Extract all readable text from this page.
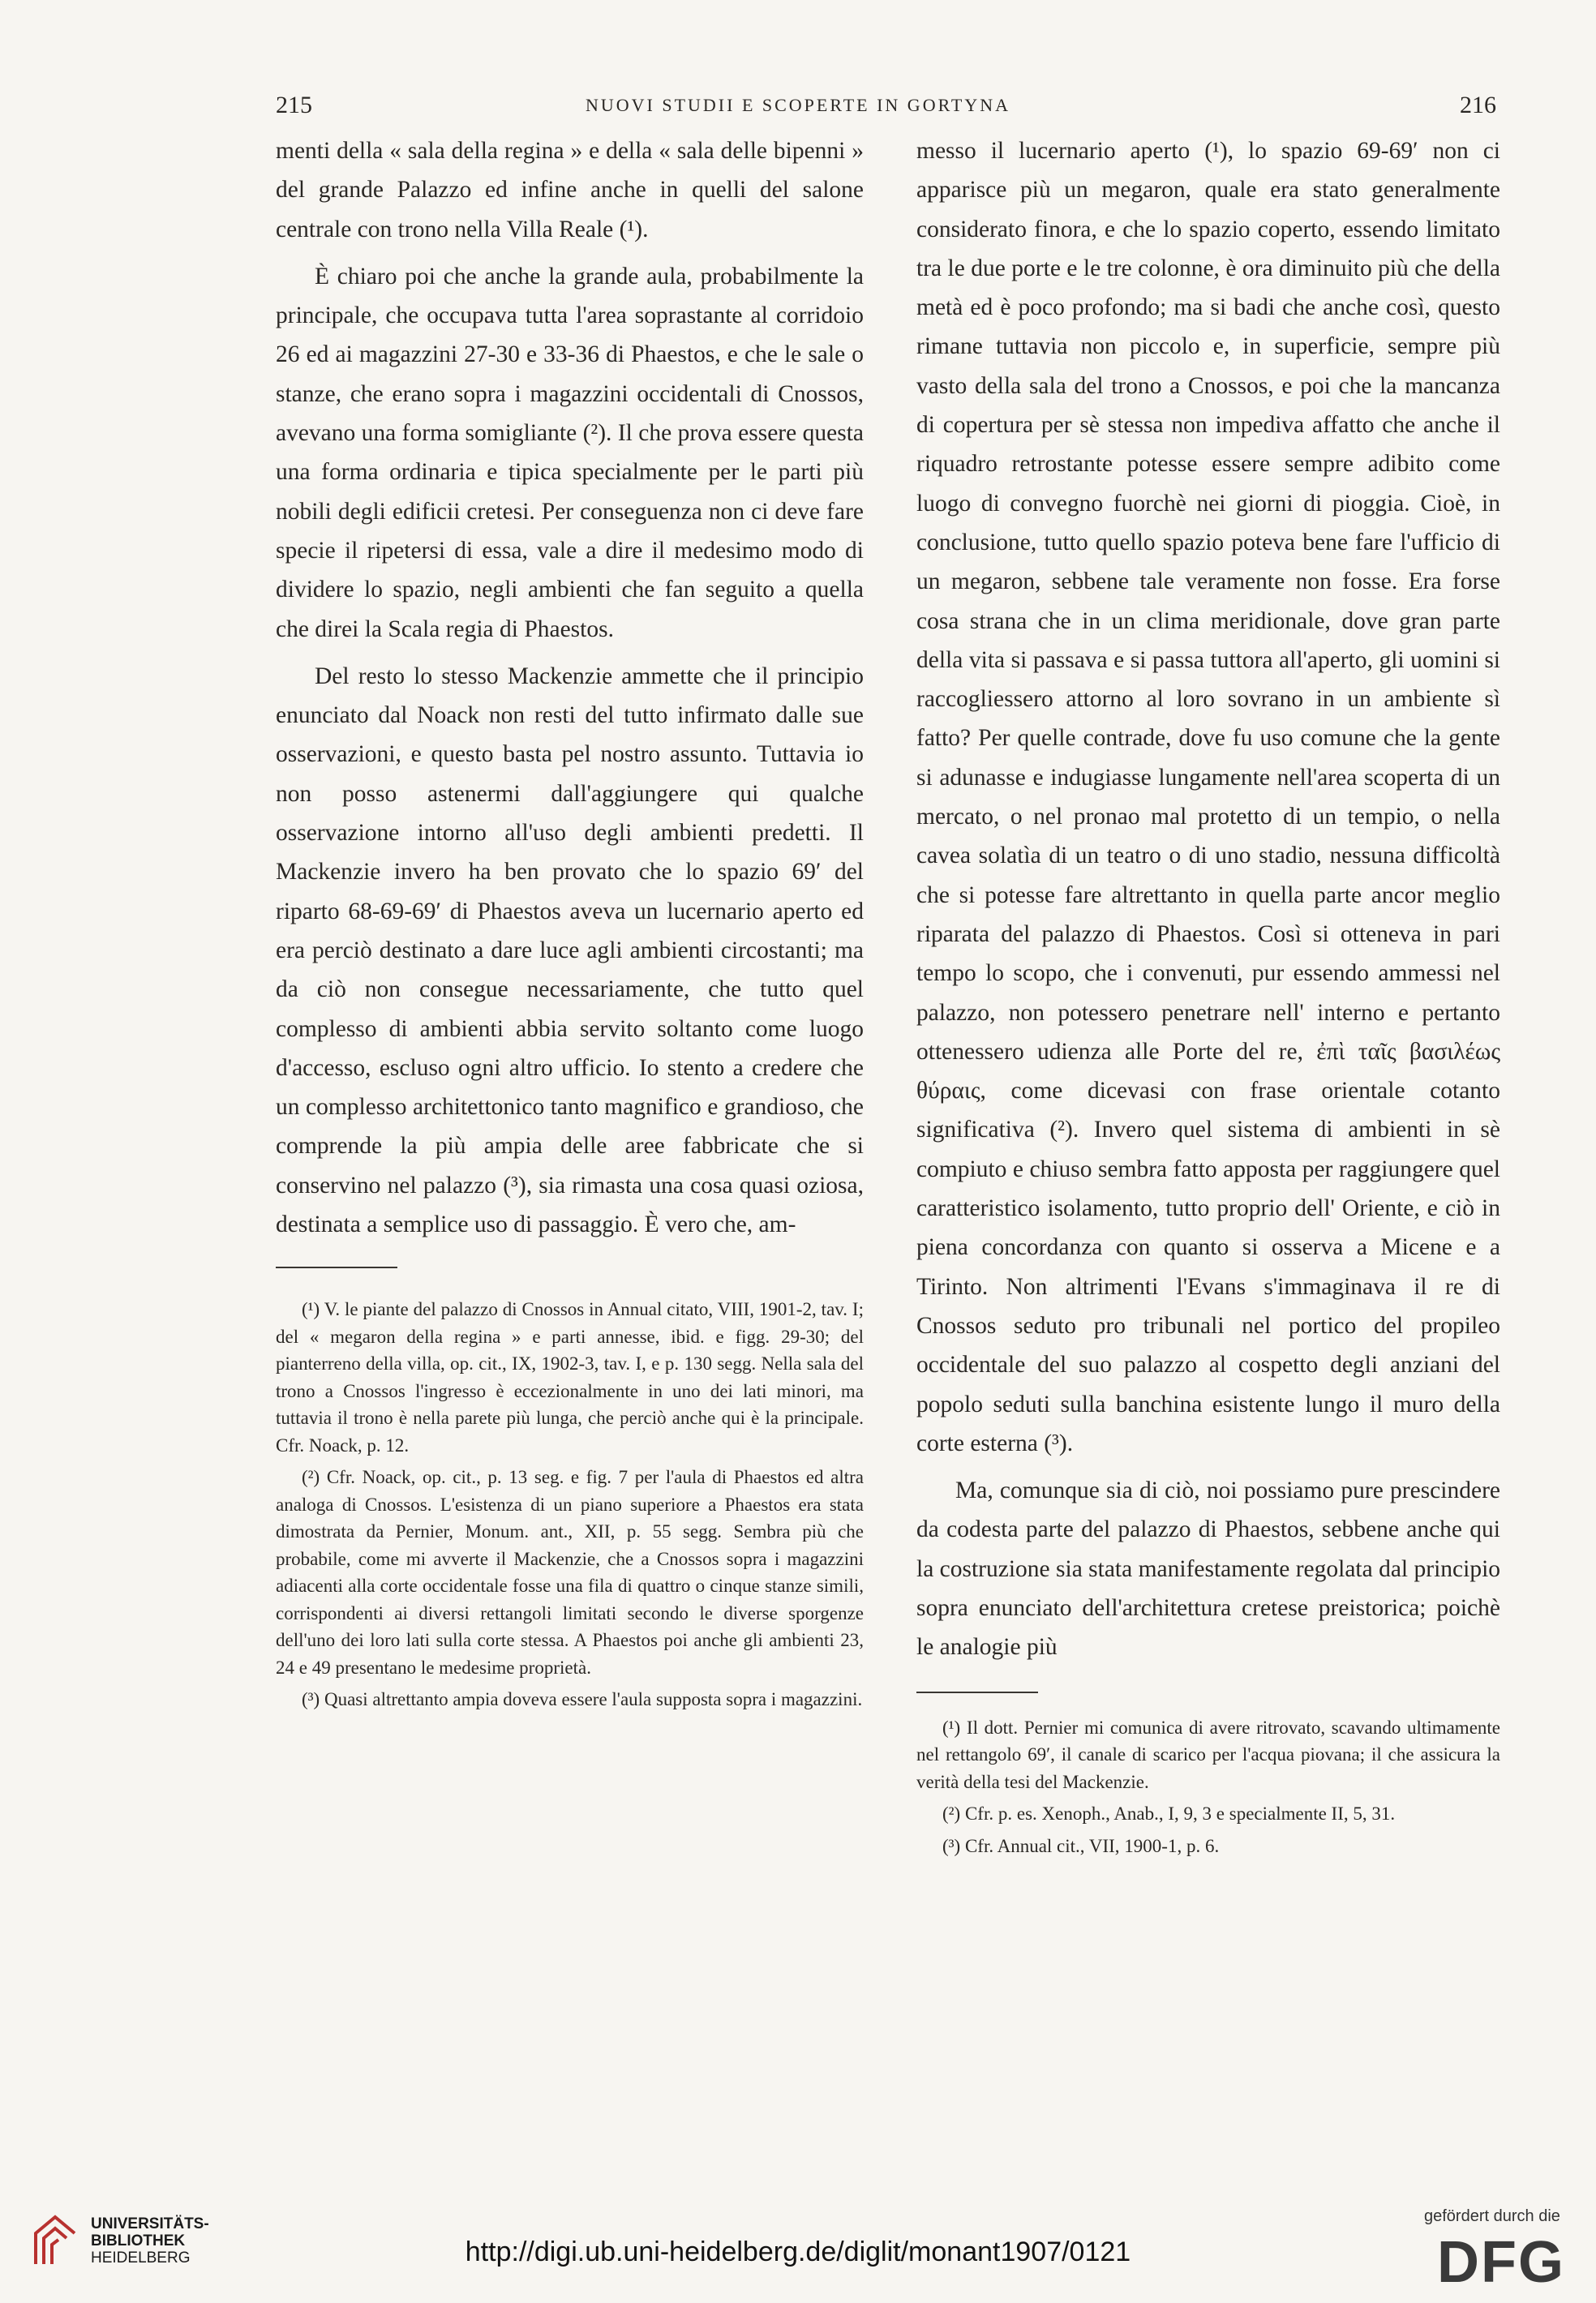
215	NUOVI STUDII E SCOPERTE IN GORTYNA	216

menti della « sala della regina » e della « sala delle bipenni » del grande Palazzo ed infine anche in quelli del salone centrale con trono nella Villa Reale (¹).

È chiaro poi che anche la grande aula, probabilmente la principale, che occupava tutta l'area soprastante al corridoio 26 ed ai magazzini 27-30 e 33-36 di Phaestos, e che le sale o stanze, che erano sopra i magazzini occidentali di Cnossos, avevano una forma somigliante (²). Il che prova essere questa una forma ordinaria e tipica specialmente per le parti più nobili degli edificii cretesi. Per conseguenza non ci deve fare specie il ripetersi di essa, vale a dire il medesimo modo di dividere lo spazio, negli ambienti che fan seguito a quella che direi la Scala regia di Phaestos.

Del resto lo stesso Mackenzie ammette che il principio enunciato dal Noack non resti del tutto infirmato dalle sue osservazioni, e questo basta pel nostro assunto. Tuttavia io non posso astenermi dall'aggiungere qui qualche osservazione intorno all'uso degli ambienti predetti. Il Mackenzie invero ha ben provato che lo spazio 69′ del riparto 68-69-69′ di Phaestos aveva un lucernario aperto ed era perciò destinato a dare luce agli ambienti circostanti; ma da ciò non consegue necessariamente, che tutto quel complesso di ambienti abbia servito soltanto come luogo d'accesso, escluso ogni altro ufficio. Io stento a credere che un complesso architettonico tanto magnifico e grandioso, che comprende la più ampia delle aree fabbricate che si conservino nel palazzo (³), sia rimasta una cosa quasi oziosa, destinata a semplice uso di passaggio. È vero che, am-

(¹) V. le piante del palazzo di Cnossos in Annual citato, VIII, 1901-2, tav. I; del « megaron della regina » e parti annesse, ibid. e figg. 29-30; del pianterreno della villa, op. cit., IX, 1902-3, tav. I, e p. 130 segg. Nella sala del trono a Cnossos l'ingresso è eccezionalmente in uno dei lati minori, ma tuttavia il trono è nella parete più lunga, che perciò anche qui è la principale. Cfr. Noack, p. 12.

(²) Cfr. Noack, op. cit., p. 13 seg. e fig. 7 per l'aula di Phaestos ed altra analoga di Cnossos. L'esistenza di un piano superiore a Phaestos era stata dimostrata da Pernier, Monum. ant., XII, p. 55 segg. Sembra più che probabile, come mi avverte il Mackenzie, che a Cnossos sopra i magazzini adiacenti alla corte occidentale fosse una fila di quattro o cinque stanze simili, corrispondenti ai diversi rettangoli limitati secondo le diverse sporgenze dell'uno dei loro lati sulla corte stessa. A Phaestos poi anche gli ambienti 23, 24 e 49 presentano le medesime proprietà.

(³) Quasi altrettanto ampia doveva essere l'aula supposta sopra i magazzini.

messo il lucernario aperto (¹), lo spazio 69-69′ non ci apparisce più un megaron, quale era stato generalmente considerato finora, e che lo spazio coperto, essendo limitato tra le due porte e le tre colonne, è ora diminuito più che della metà ed è poco profondo; ma si badi che anche così, questo rimane tuttavia non piccolo e, in superficie, sempre più vasto della sala del trono a Cnossos, e poi che la mancanza di copertura per sè stessa non impediva affatto che anche il riquadro retrostante potesse essere sempre adibito come luogo di convegno fuorchè nei giorni di pioggia. Cioè, in conclusione, tutto quello spazio poteva bene fare l'ufficio di un megaron, sebbene tale veramente non fosse. Era forse cosa strana che in un clima meridionale, dove gran parte della vita si passava e si passa tuttora all'aperto, gli uomini si raccogliessero attorno al loro sovrano in un ambiente sì fatto? Per quelle contrade, dove fu uso comune che la gente si adunasse e indugiasse lungamente nell'area scoperta di un mercato, o nel pronao mal protetto di un tempio, o nella cavea solatìa di un teatro o di uno stadio, nessuna difficoltà che si potesse fare altrettanto in quella parte ancor meglio riparata del palazzo di Phaestos. Così si otteneva in pari tempo lo scopo, che i convenuti, pur essendo ammessi nel palazzo, non potessero penetrare nell' interno e pertanto ottenessero udienza alle Porte del re, ἐπὶ ταῖς βασιλέως θύραις, come dicevasi con frase orientale cotanto significativa (²). Invero quel sistema di ambienti in sè compiuto e chiuso sembra fatto apposta per raggiungere quel caratteristico isolamento, tutto proprio dell' Oriente, e ciò in piena concordanza con quanto si osserva a Micene e a Tirinto. Non altrimenti l'Evans s'immaginava il re di Cnossos seduto pro tribunali nel portico del propileo occidentale del suo palazzo al cospetto degli anziani del popolo seduti sulla banchina esistente lungo il muro della corte esterna (³).

Ma, comunque sia di ciò, noi possiamo pure prescindere da codesta parte del palazzo di Phaestos, sebbene anche qui la costruzione sia stata manifestamente regolata dal principio sopra enunciato dell'architettura cretese preistorica; poichè le analogie più

(¹) Il dott. Pernier mi comunica di avere ritrovato, scavando ultimamente nel rettangolo 69′, il canale di scarico per l'acqua piovana; il che assicura la verità della tesi del Mackenzie.

(²) Cfr. p. es. Xenoph., Anab., I, 9, 3 e specialmente II, 5, 31.

(³) Cfr. Annual cit., VII, 1900-1, p. 6.

UNIVERSITÄTS-
BIBLIOTHEK
HEIDELBERG	http://digi.ub.uni-heidelberg.de/diglit/monant1907/0121
gefördert durch die
DFG
